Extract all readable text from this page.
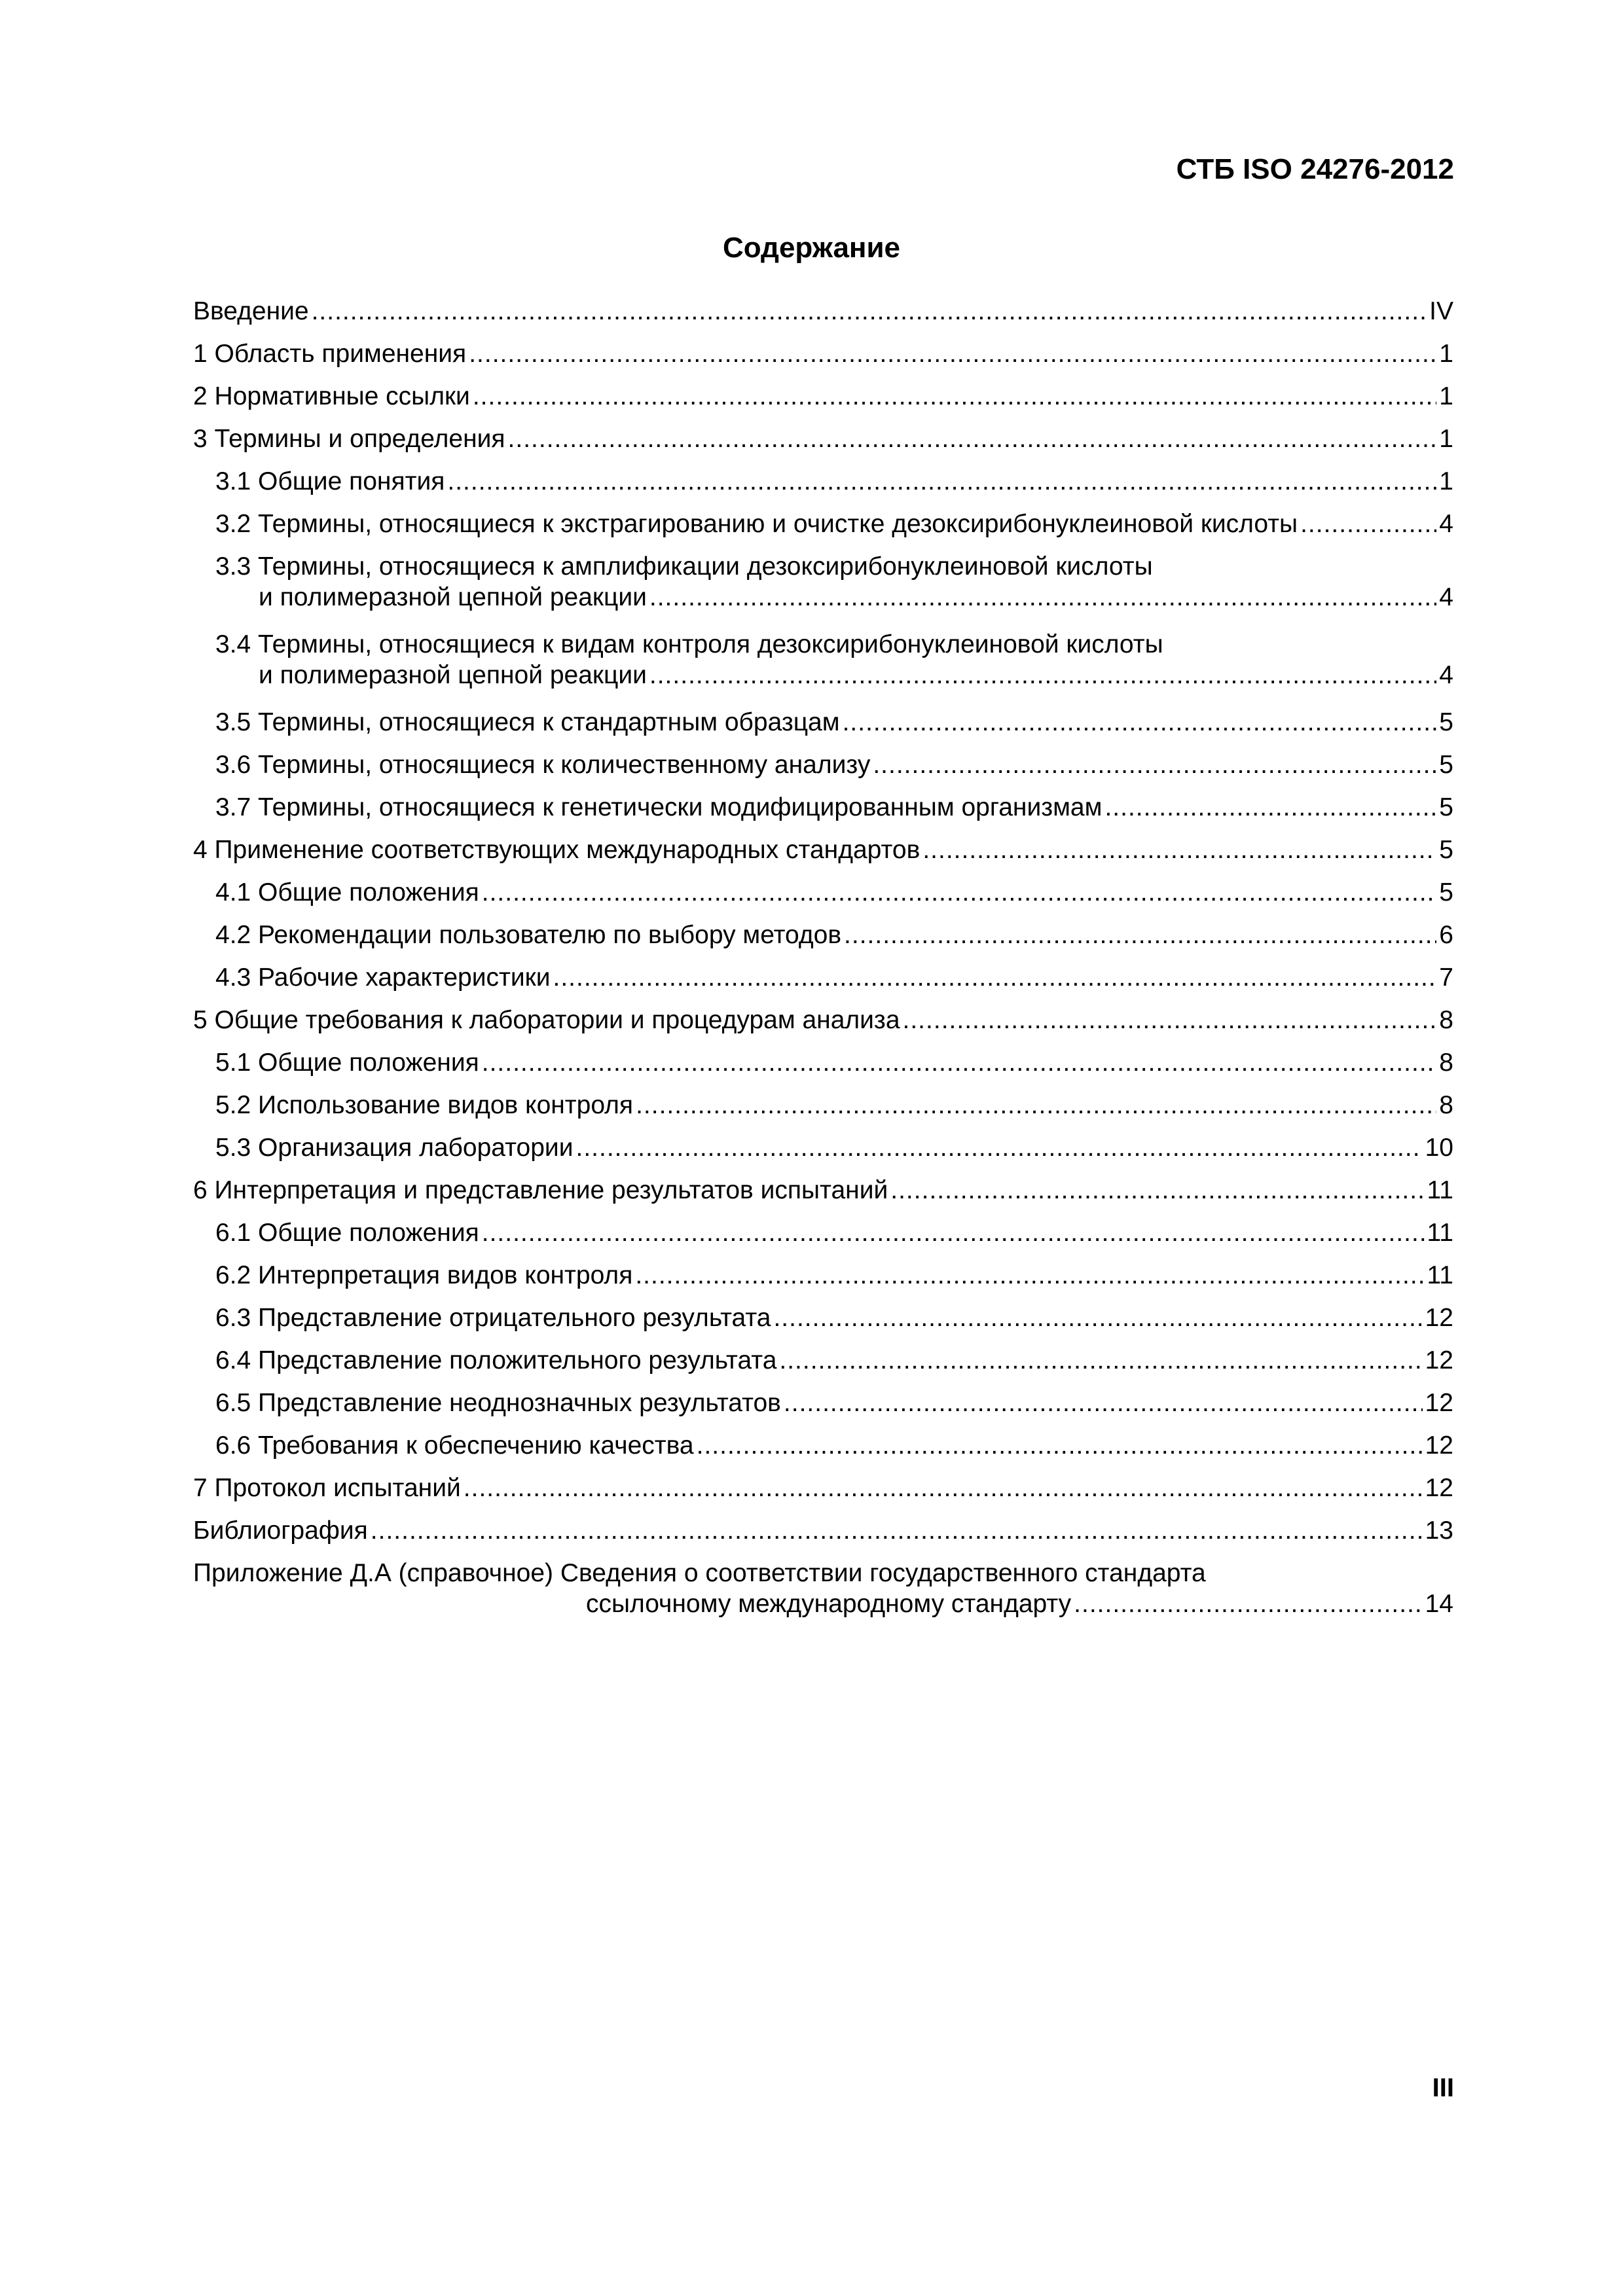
СТБ ISO 24276-2012
Содержание
Введение .....	IV
1 Область применения .....	1
2 Нормативные ссылки .....	1
3 Термины и определения .....	1
3.1 Общие понятия .....	1
3.2 Термины, относящиеся к экстрагированию и очистке дезоксирибонуклеиновой кислоты .....	4
3.3 Термины, относящиеся к амплификации дезоксирибонуклеиновой кислоты
и полимеразной цепной реакции .....	4
3.4 Термины, относящиеся к видам контроля дезоксирибонуклеиновой кислоты
и полимеразной цепной реакции .....	4
3.5 Термины, относящиеся к стандартным образцам .....	5
3.6 Термины, относящиеся к количественному анализу .....	5
3.7 Термины, относящиеся к генетически модифицированным организмам .....	5
4 Применение соответствующих международных стандартов .....	5
4.1 Общие положения .....	5
4.2 Рекомендации пользователю по выбору методов .....	6
4.3 Рабочие характеристики .....	7
5 Общие требования к лаборатории и процедурам анализа .....	8
5.1 Общие положения .....	8
5.2 Использование видов контроля .....	8
5.3 Организация лаборатории .....	10
6 Интерпретация и представление результатов испытаний .....	11
6.1 Общие положения .....	11
6.2 Интерпретация видов контроля .....	11
6.3 Представление отрицательного результата .....	12
6.4 Представление положительного результата .....	12
6.5 Представление неоднозначных результатов .....	12
6.6 Требования к обеспечению качества .....	12
7 Протокол испытаний .....	12
Библиография .....	13
Приложение Д.А (справочное) Сведения о соответствии государственного стандарта
ссылочному международному стандарту .....	14
III
